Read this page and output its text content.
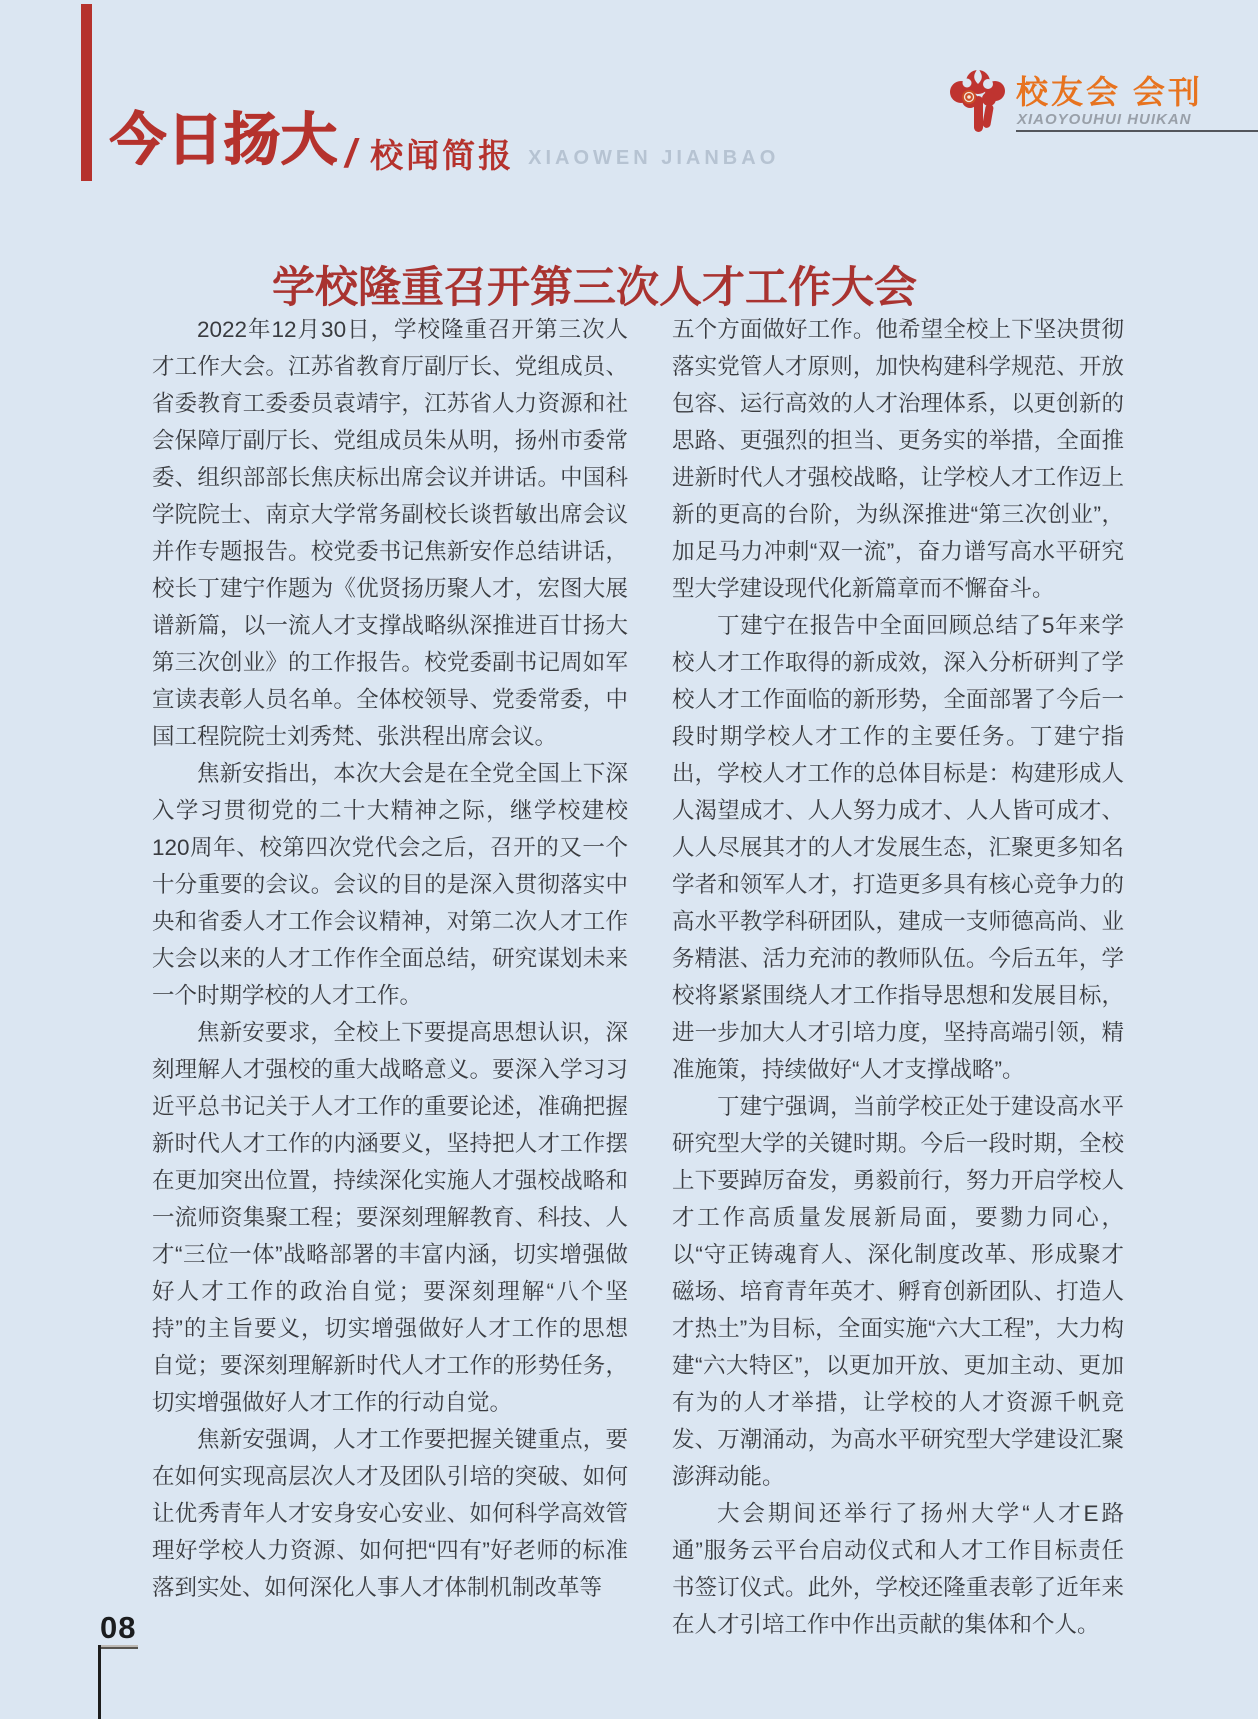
今日扬大 / 校闻简报 XIAOWEN JIANBAO
校友会 会刊
XIAOYOUHUI HUIKAN
学校隆重召开第三次人才工作大会

2022年12月30日，学校隆重召开第三次人才工作大会。江苏省教育厅副厅长、党组成员、省委教育工委委员袁靖宇，江苏省人力资源和社会保障厅副厅长、党组成员朱从明，扬州市委常委、组织部部长焦庆标出席会议并讲话。中国科学院院士、南京大学常务副校长谈哲敏出席会议并作专题报告。校党委书记焦新安作总结讲话，校长丁建宁作题为《优贤扬历聚人才，宏图大展谱新篇，以一流人才支撑战略纵深推进百廿扬大第三次创业》的工作报告。校党委副书记周如军宣读表彰人员名单。全体校领导、党委常委，中国工程院院士刘秀梵、张洪程出席会议。

焦新安指出，本次大会是在全党全国上下深入学习贯彻党的二十大精神之际，继学校建校120周年、校第四次党代会之后，召开的又一个十分重要的会议。会议的目的是深入贯彻落实中央和省委人才工作会议精神，对第二次人才工作大会以来的人才工作作全面总结，研究谋划未来一个时期学校的人才工作。

焦新安要求，全校上下要提高思想认识，深刻理解人才强校的重大战略意义。要深入学习习近平总书记关于人才工作的重要论述，准确把握新时代人才工作的内涵要义，坚持把人才工作摆在更加突出位置，持续深化实施人才强校战略和一流师资集聚工程；要深刻理解教育、科技、人才“三位一体”战略部署的丰富内涵，切实增强做好人才工作的政治自觉；要深刻理解“八个坚持”的主旨要义，切实增强做好人才工作的思想自觉；要深刻理解新时代人才工作的形势任务，切实增强做好人才工作的行动自觉。

焦新安强调，人才工作要把握关键重点，要在如何实现高层次人才及团队引培的突破、如何让优秀青年人才安身安心安业、如何科学高效管理好学校人力资源、如何把“四有”好老师的标准落到实处、如何深化人事人才体制机制改革等

五个方面做好工作。他希望全校上下坚决贯彻落实党管人才原则，加快构建科学规范、开放包容、运行高效的人才治理体系，以更创新的思路、更强烈的担当、更务实的举措，全面推进新时代人才强校战略，让学校人才工作迈上新的更高的台阶，为纵深推进“第三次创业”，加足马力冲刺“双一流”，奋力谱写高水平研究型大学建设现代化新篇章而不懈奋斗。

丁建宁在报告中全面回顾总结了5年来学校人才工作取得的新成效，深入分析研判了学校人才工作面临的新形势，全面部署了今后一段时期学校人才工作的主要任务。丁建宁指出，学校人才工作的总体目标是：构建形成人人渴望成才、人人努力成才、人人皆可成才、人人尽展其才的人才发展生态，汇聚更多知名学者和领军人才，打造更多具有核心竞争力的高水平教学科研团队，建成一支师德高尚、业务精湛、活力充沛的教师队伍。今后五年，学校将紧紧围绕人才工作指导思想和发展目标，进一步加大人才引培力度，坚持高端引领，精准施策，持续做好“人才支撑战略”。

丁建宁强调，当前学校正处于建设高水平研究型大学的关键时期。今后一段时期，全校上下要踔厉奋发，勇毅前行，努力开启学校人才工作高质量发展新局面，要勠力同心，以“守正铸魂育人、深化制度改革、形成聚才磁场、培育青年英才、孵育创新团队、打造人才热土”为目标，全面实施“六大工程”，大力构建“六大特区”，以更加开放、更加主动、更加有为的人才举措，让学校的人才资源千帆竞发、万潮涌动，为高水平研究型大学建设汇聚澎湃动能。

大会期间还举行了扬州大学“人才E路通”服务云平台启动仪式和人才工作目标责任书签订仪式。此外，学校还隆重表彰了近年来在人才引培工作中作出贡献的集体和个人。

08
